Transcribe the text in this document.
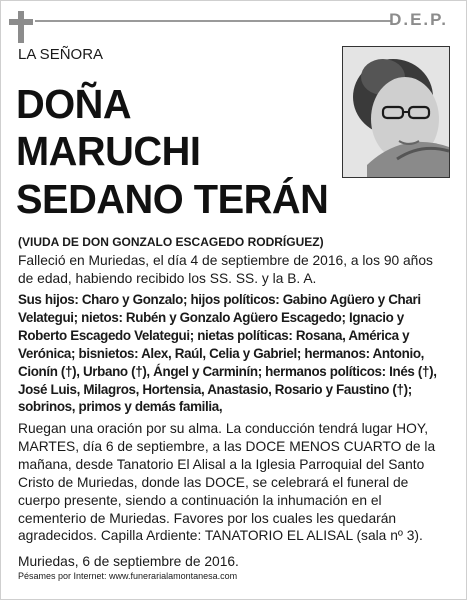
D.E.P.
LA SEÑORA
DOÑA
MARUCHI
SEDANO TERÁN
(VIUDA DE DON GONZALO ESCAGEDO RODRÍGUEZ)

Falleció en Muriedas, el día 4 de septiembre de 2016, a los 90 años de edad, habiendo recibido los SS. SS. y la B. A.

Sus hijos: Charo y Gonzalo; hijos políticos: Gabino Agüero y Chari Velategui; nietos: Rubén y Gonzalo Agüero Escagedo; Ignacio y Roberto Escagedo Velategui; nietas políticas: Rosana, América y Verónica; bisnietos: Alex, Raúl, Celia y Gabriel; hermanos: Antonio, Cionín (†), Urbano (†), Ángel y Carminín; hermanos políticos: Inés (†), José Luis, Milagros, Hortensia, Anastasio, Rosario y Faustino (†); sobrinos, primos y demás familia,

Ruegan una oración por su alma. La conducción tendrá lugar HOY, MARTES, día 6 de septiembre, a las DOCE MENOS CUARTO de la mañana, desde Tanatorio El Alisal a la Iglesia Parroquial del Santo Cristo de Muriedas, donde las DOCE, se celebrará el funeral de cuerpo presente, siendo a continuación la inhumación en el cementerio de Muriedas. Favores por los cuales les quedarán agradecidos. Capilla Ardiente: TANATORIO EL ALISAL (sala nº 3).

Muriedas, 6 de septiembre de 2016.

Pésames por Internet: www.funerarialamontanesa.com
